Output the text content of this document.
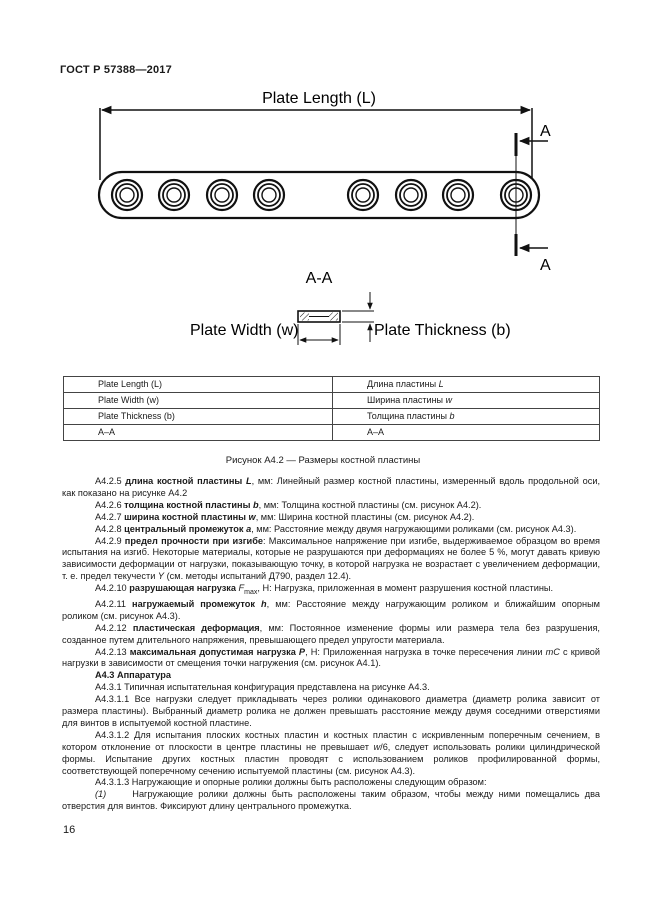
ГОСТ Р 57388—2017
Plate Length (L)
A
A
A-A
Plate Width (w)	Plate Thickness (b)
Plate Length (L)	Длина пластины L
Plate Width (w)	Ширина пластины w
Plate Thickness (b)	Толщина пластины b
A–A	A–A
Рисунок А4.2 — Размеры костной пластины

А4.2.5 длина костной пластины L, мм: Линейный размер костной пластины, измеренный вдоль продольной оси, как показано на рисунке А4.2

А4.2.6 толщина костной пластины b, мм: Толщина костной пластины (см. рисунок А4.2).

А4.2.7 ширина костной пластины w, мм: Ширина костной пластины (см. рисунок А4.2).

А4.2.8 центральный промежуток a, мм: Расстояние между двумя нагружающими роликами (см. рисунок А4.3).

А4.2.9 предел прочности при изгибе: Максимальное напряжение при изгибе, выдерживаемое образцом во время испытания на изгиб. Некоторые материалы, которые не разрушаются при деформациях не более 5 %, могут давать кривую зависимости деформации от нагрузки, показывающую точку, в которой нагрузка не возрастает с увеличением деформации, т. е. предел текучести Y (см. методы испытаний Д790, раздел 12.4).

А4.2.10 разрушающая нагрузка $F_{max}$, Н: Нагрузка, приложенная в момент разрушения костной пластины.

А4.2.11 нагружаемый промежуток h, мм: Расстояние между нагружающим роликом и ближайшим опорным роликом (см. рисунок А4.3).

А4.2.12 пластическая деформация, мм: Постоянное изменение формы или размера тела без разрушения, созданное путем длительного напряжения, превышающего предел упругости материала.

А4.2.13 максимальная допустимая нагрузка P, Н: Приложенная нагрузка в точке пересечения линии mC с кривой нагрузки в зависимости от смещения точки нагружения (см. рисунок А4.1).

А4.3 Аппаратура

А4.3.1 Типичная испытательная конфигурация представлена на рисунке А4.3.

А4.3.1.1 Все нагрузки следует прикладывать через ролики одинакового диаметра (диаметр ролика зависит от размера пластины). Выбранный диаметр ролика не должен превышать расстояние между двумя соседними отверстиями для винтов в испытуемой костной пластине.

А4.3.1.2 Для испытания плоских костных пластин и костных пластин с искривленным поперечным сечением, в котором отклонение от плоскости в центре пластины не превышает w/6, следует использовать ролики цилиндрической формы. Испытание других костных пластин проводят с использованием роликов профилированной формы, соответствующей поперечному сечению испытуемой пластины (см. рисунок А4.3).

А4.3.1.3 Нагружающие и опорные ролики должны быть расположены следующим образом:

(1)     Нагружающие ролики должны быть расположены таким образом, чтобы между ними помещались два отверстия для винтов. Фиксируют длину центрального промежутка.

16
